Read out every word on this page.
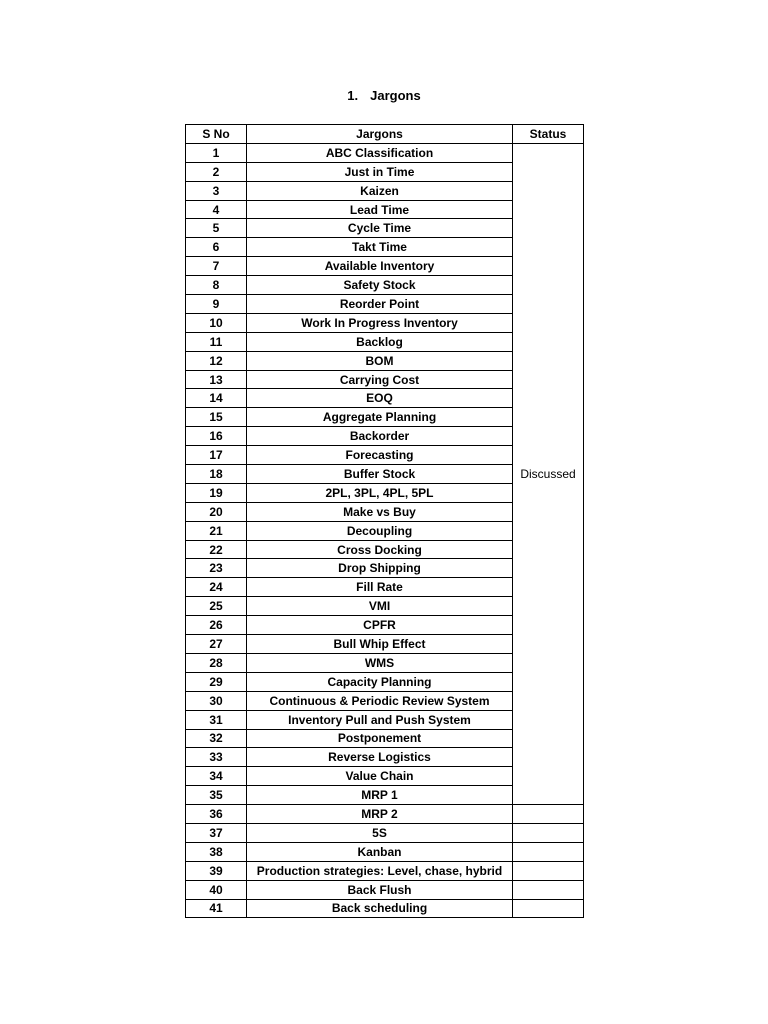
1. Jargons
S No	Jargons	Status
1	ABC Classification	Discussed
2	Just in Time	
3	Kaizen	
4	Lead Time	
5	Cycle Time	
6	Takt Time	
7	Available Inventory	
8	Safety Stock	
9	Reorder Point	
10	Work In Progress Inventory	
11	Backlog	
12	BOM	
13	Carrying Cost	
14	EOQ	
15	Aggregate Planning	
16	Backorder	
17	Forecasting	
18	Buffer Stock	
19	2PL, 3PL, 4PL, 5PL	
20	Make vs Buy	
21	Decoupling	
22	Cross Docking	
23	Drop Shipping	
24	Fill Rate	
25	VMI	
26	CPFR	
27	Bull Whip Effect	
28	WMS	
29	Capacity Planning	
30	Continuous & Periodic Review System	
31	Inventory Pull and Push System	
32	Postponement	
33	Reverse Logistics	
34	Value Chain	
35	MRP 1	
36	MRP 2	
37	5S	
38	Kanban	
39	Production strategies: Level, chase, hybrid	
40	Back Flush	
41	Back scheduling	
